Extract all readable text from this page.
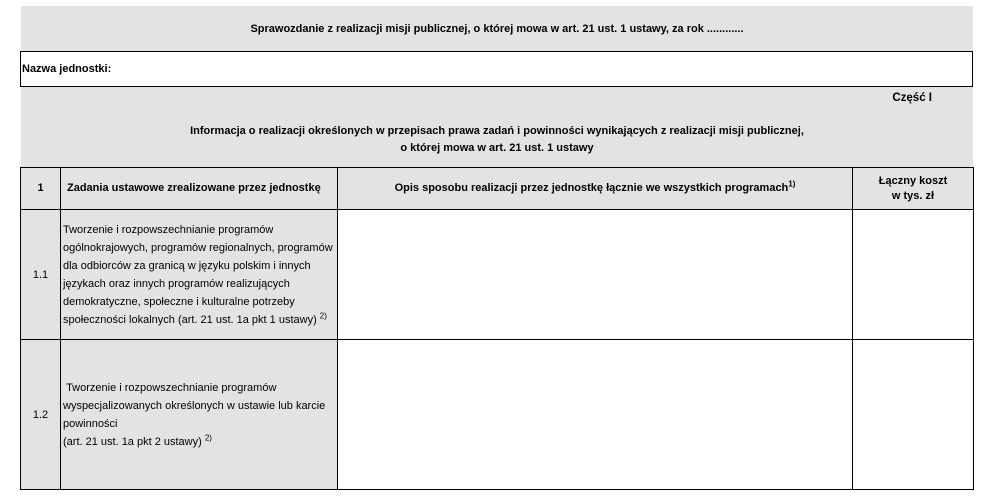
Sprawozdanie z realizacji misji publicznej, o której mowa w art. 21 ust. 1 ustawy, za rok ............
Nazwa jednostki:
Część I
Informacja o realizacji określonych w przepisach prawa zadań i powinności wynikających z realizacji misji publicznej,
o której mowa w art. 21 ust. 1 ustawy
1	Zadania ustawowe zrealizowane przez jednostkę	Opis sposobu realizacji przez jednostkę łącznie we wszystkich programach$^{1)}$	Łączny koszt
w tys. zł

1.1	Tworzenie i rozpowszechnianie programów ogólnokrajowych, programów regionalnych, programów dla odbiorców za granicą w języku polskim i innych językach oraz innych programów realizujących demokratyczne, społeczne i kulturalne potrzeby społeczności lokalnych (art. 21 ust. 1a pkt 1 ustawy) $^{2)}$		
1.2	Tworzenie i rozpowszechnianie programów wyspecjalizowanych określonych w ustawie lub karcie powinności
(art. 21 ust. 1a pkt 2 ustawy) $^{2)}$
